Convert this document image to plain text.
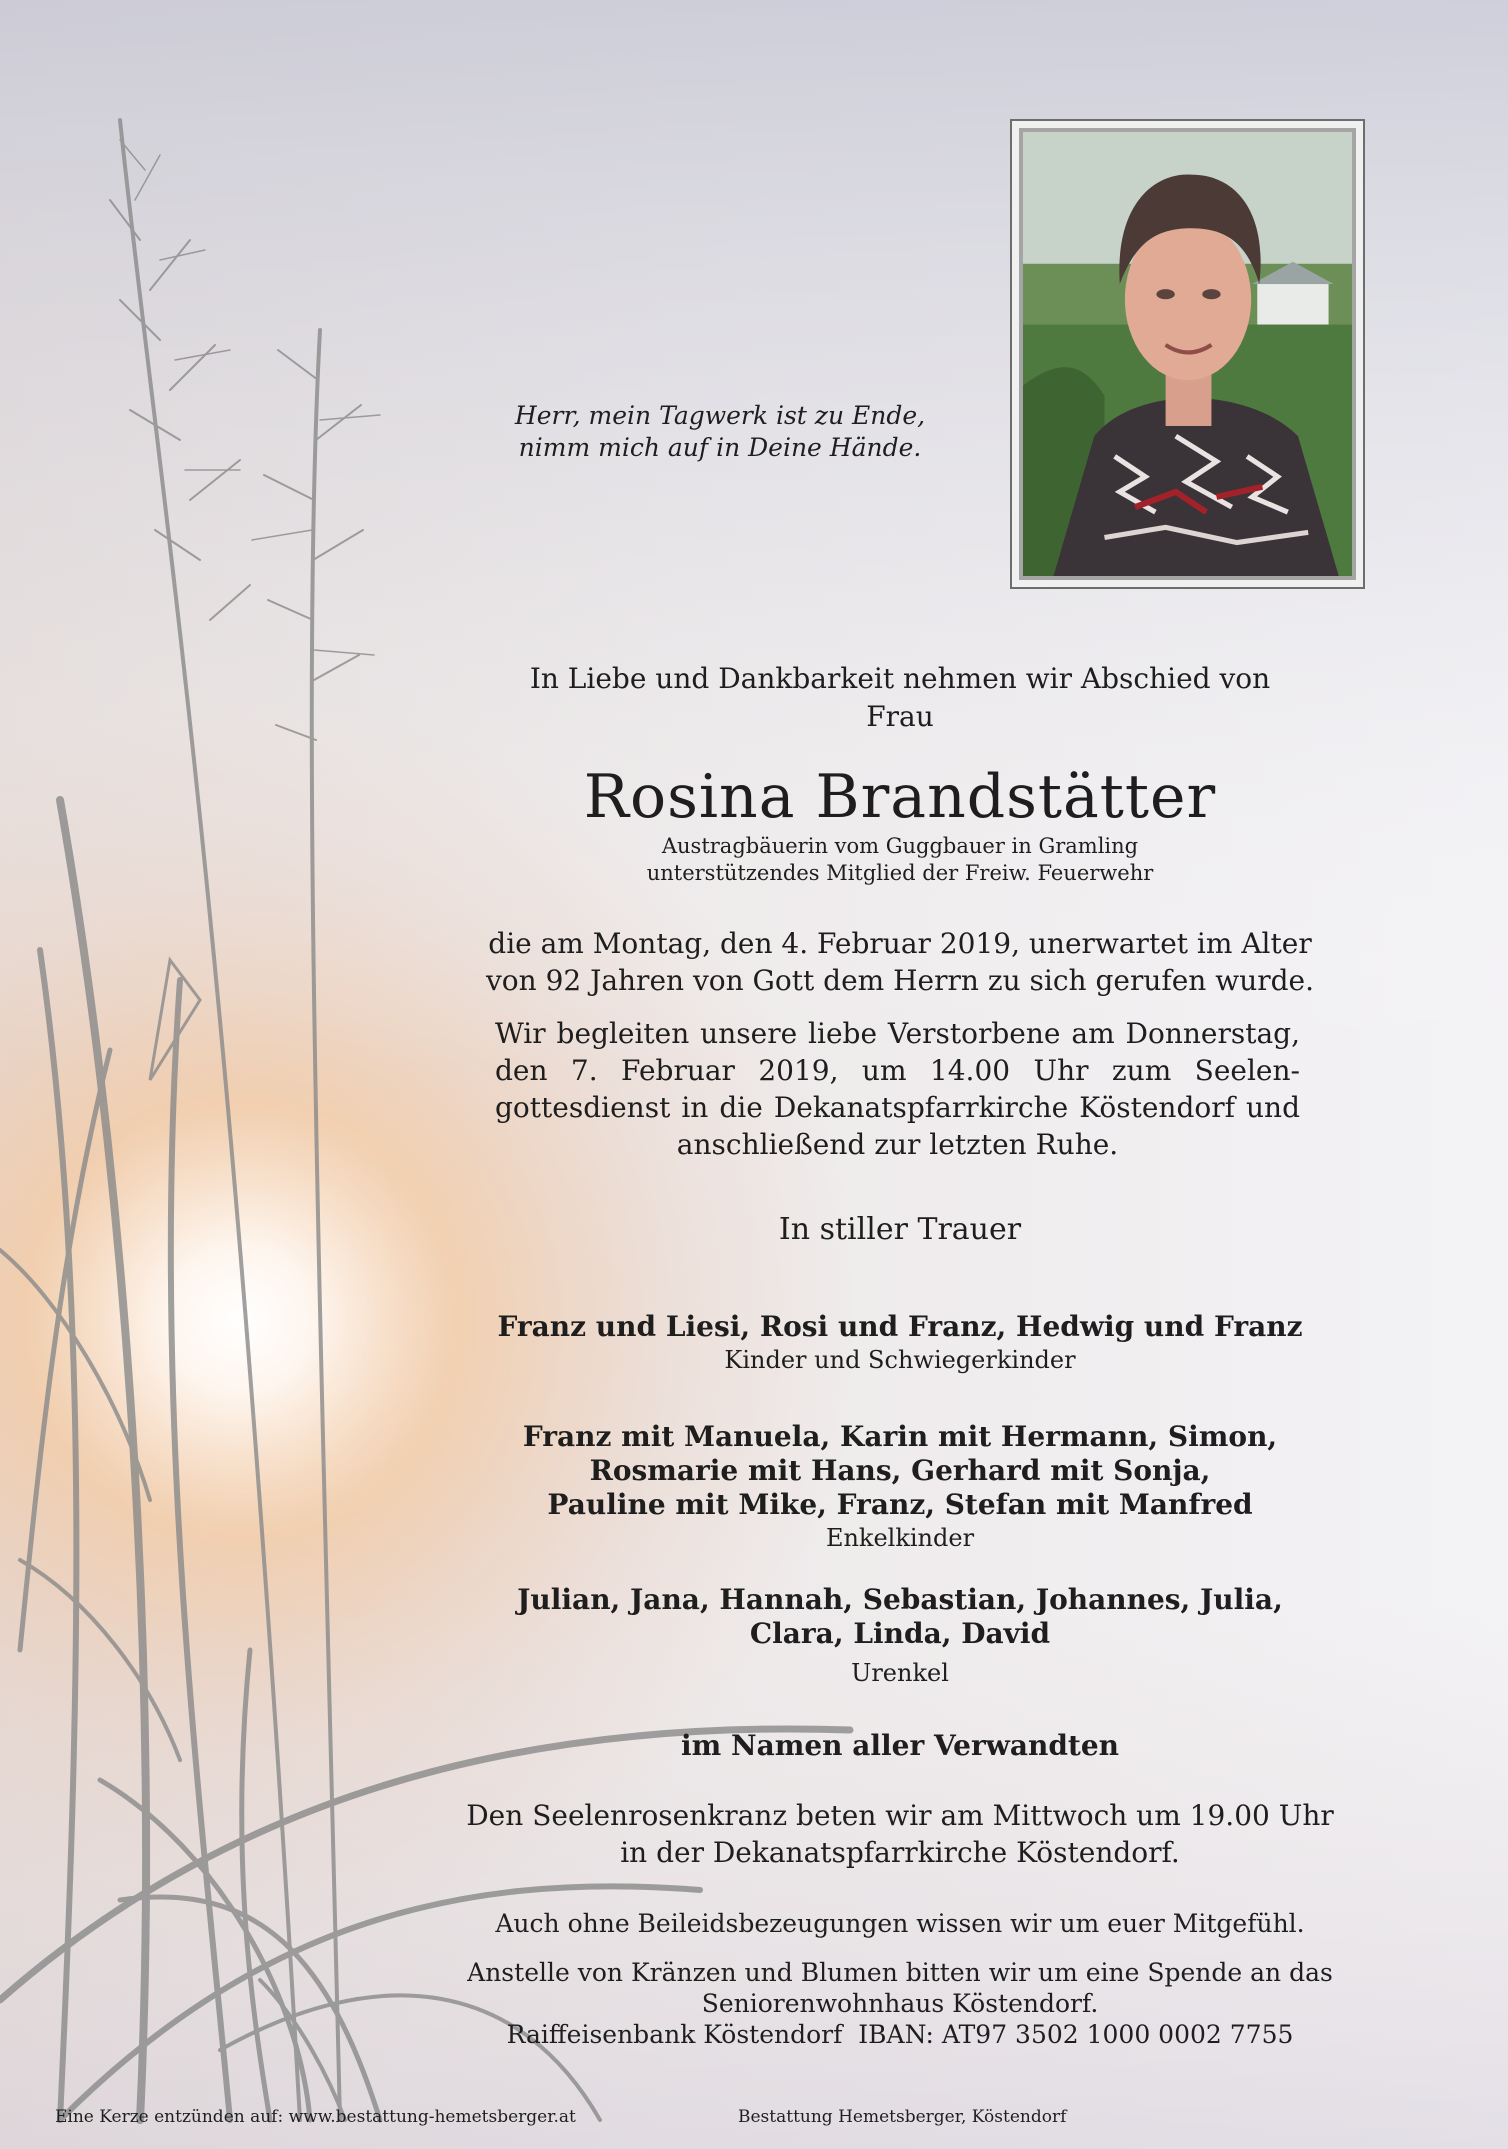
Herr, mein Tagwerk ist zu Ende,
nimm mich auf in Deine Hände.
In Liebe und Dankbarkeit nehmen wir Abschied von
Frau
Rosina Brandstätter
Austragbäuerin vom Guggbauer in Gramling
unterstützendes Mitglied der Freiw. Feuerwehr
die am Montag, den 4. Februar 2019, unerwartet im Alter
von 92 Jahren von Gott dem Herrn zu sich gerufen wurde.
Wir begleiten unsere liebe Verstorbene am Donnerstag,
den 7. Februar 2019, um 14.00 Uhr zum Seelen-
gottesdienst in die Dekanatspfarrkirche Köstendorf und
anschließend zur letzten Ruhe.
In stiller Trauer
Franz und Liesi, Rosi und Franz, Hedwig und Franz
Kinder und Schwiegerkinder
Franz mit Manuela, Karin mit Hermann, Simon,
Rosmarie mit Hans, Gerhard mit Sonja,
Pauline mit Mike, Franz, Stefan mit Manfred
Enkelkinder
Julian, Jana, Hannah, Sebastian, Johannes, Julia,
Clara, Linda, David
Urenkel
im Namen aller Verwandten
Den Seelenrosenkranz beten wir am Mittwoch um 19.00 Uhr
in der Dekanatspfarrkirche Köstendorf.
Auch ohne Beileidsbezeugungen wissen wir um euer Mitgefühl.
Anstelle von Kränzen und Blumen bitten wir um eine Spende an das
Seniorenwohnhaus Köstendorf.
Raiffeisenbank Köstendorf  IBAN: AT97 3502 1000 0002 7755
Eine Kerze entzünden auf: www.bestattung-hemetsberger.at	Bestattung Hemetsberger, Köstendorf
